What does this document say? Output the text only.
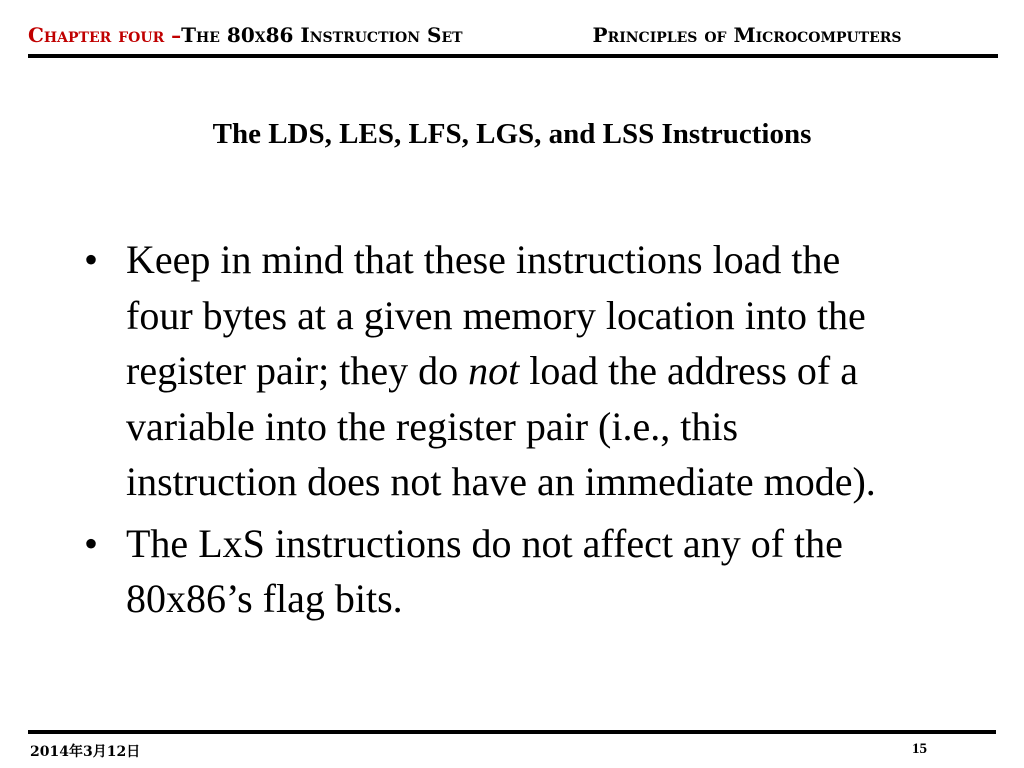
Chapter four –The 80x86 Instruction Set	Principles of Microcomputers
The LDS, LES, LFS, LGS, and LSS Instructions
• Keep in mind that these instructions load the four bytes at a given memory location into the register pair; they do not load the address of a variable into the register pair (i.e., this instruction does not have an immediate mode).
• The LxS instructions do not affect any of the 80x86’s flag bits.
2014年3月12日	15
